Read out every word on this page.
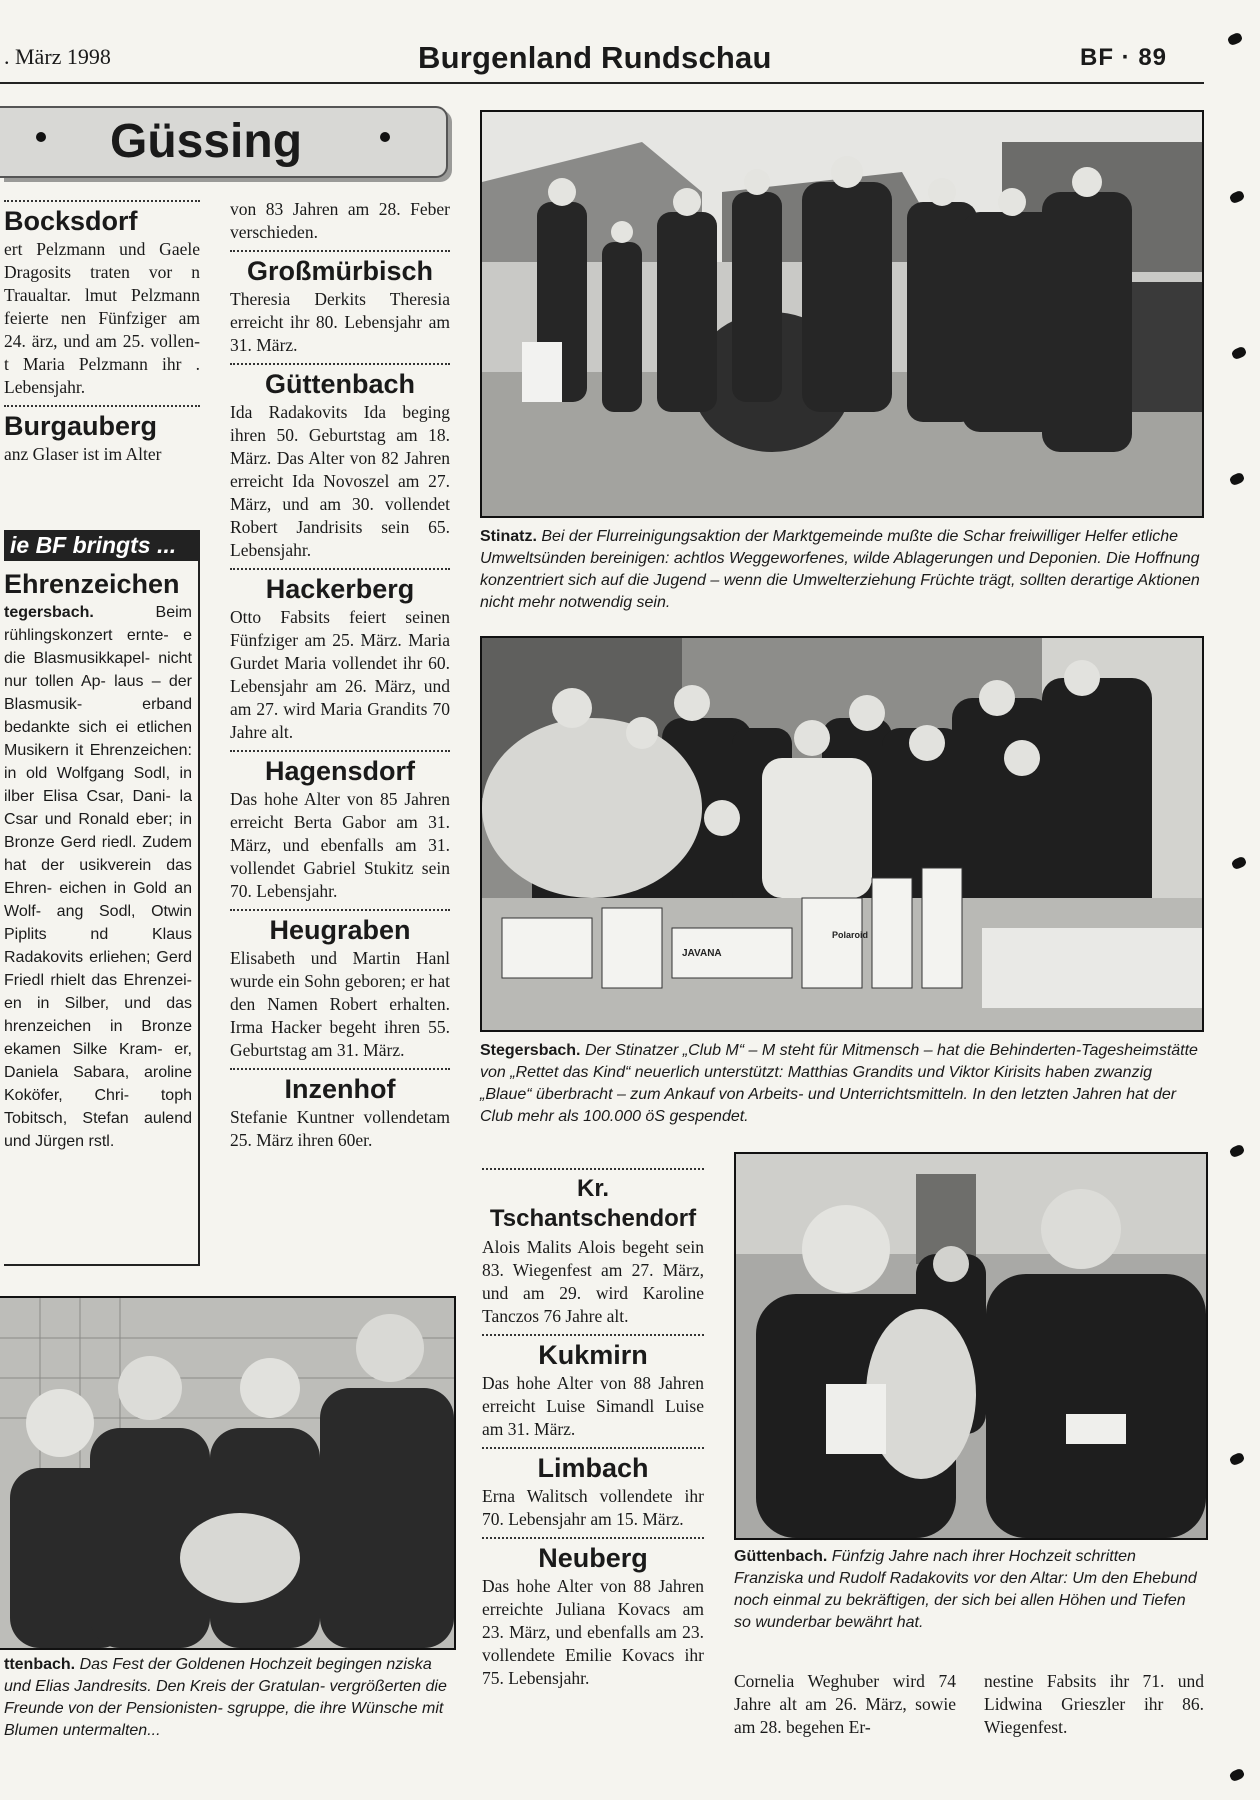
. März 1998	Burgenland Rundschau	BF · 89
Güssing
Bocksdorf

ert Pelzmann und Gaele Dragosits traten vor n Traualtar. lmut Pelzmann feierte nen Fünfziger am 24. ärz, und am 25. vollen- t Maria Pelzmann ihr . Lebensjahr.

Burgauberg

anz Glaser ist im Alter

ie BF bringts ...
Ehrenzeichen

tegersbach.	Beim rühlingskonzert ernte- e die Blasmusikkapel- nicht nur tollen Ap- laus – der Blasmusik- erband bedankte sich ei etlichen Musikern it Ehrenzeichen: in old Wolfgang Sodl, in ilber Elisa Csar, Dani- la Csar und Ronald eber; in Bronze Gerd riedl. Zudem hat der usikverein das Ehren- eichen in Gold an Wolf- ang Sodl, Otwin Piplits nd Klaus Radakovits erliehen; Gerd Friedl rhielt das Ehrenzei- en in Silber, und das hrenzeichen in Bronze ekamen Silke Kram- er, Daniela Sabara, aroline Koköfer, Chri- toph Tobitsch, Stefan aulend und Jürgen rstl.

von 83 Jahren am 28. Feber verschieden.

Großmürbisch

Theresia Derkits Theresia erreicht ihr 80. Lebensjahr am 31. März.

Güttenbach

Ida Radakovits Ida beging ihren 50. Geburtstag am 18. März. Das Alter von 82 Jahren erreicht Ida Novoszel am 27. März, und am 30. vollendet Robert Jandrisits sein 65. Lebensjahr.

Hackerberg

Otto Fabsits feiert seinen Fünfziger am 25. März. Maria Gurdet Maria vollendet ihr 60. Lebensjahr am 26. März, und am 27. wird Maria Grandits 70 Jahre alt.

Hagensdorf

Das hohe Alter von 85 Jahren erreicht Berta Gabor am 31. März, und ebenfalls am 31. vollendet Gabriel Stukitz sein 70. Lebensjahr.

Heugraben

Elisabeth und Martin Hanl wurde ein Sohn geboren; er hat den Namen Robert erhalten. Irma Hacker begeht ihren 55. Geburtstag am 31. März.

Inzenhof

Stefanie Kuntner vollendetam 25. März ihren 60er.

Stinatz. Bei der Flurreinigungsaktion der Marktgemeinde mußte die Schar freiwilliger Helfer etliche Umweltsünden bereinigen: achtlos Weggeworfenes, wilde Ablagerungen und Deponien. Die Hoffnung konzentriert sich auf die Jugend – wenn die Umwelterziehung Früchte trägt, sollten derartige Aktionen nicht mehr notwendig sein.
JAVANA
Polaroid
Stegersbach. Der Stinatzer „Club M“ – M steht für Mitmensch – hat die Behinderten-Tagesheimstätte von „Rettet das Kind“ neuerlich unterstützt: Matthias Grandits und Viktor Kirisits haben zwanzig „Blaue“ überbracht – zum Ankauf von Arbeits- und Unterrichtsmitteln. In den letzten Jahren hat der Club mehr als 100.000 öS gespendet.
Kr. Tschantschendorf

Alois Malits Alois begeht sein 83. Wiegenfest am 27. März, und am 29. wird Karoline Tanczos 76 Jahre alt.

Kukmirn

Das hohe Alter von 88 Jahren erreicht Luise Simandl Luise am 31. März.

Limbach

Erna Walitsch vollendete ihr 70. Lebensjahr am 15. März.

Neuberg

Das hohe Alter von 88 Jahren erreichte Juliana Kovacs am 23. März, und ebenfalls am 23. vollendete Emilie Kovacs ihr 75. Lebensjahr.

Güttenbach. Fünfzig Jahre nach ihrer Hochzeit schritten Franziska und Rudolf Radakovits vor den Altar: Um den Ehebund noch einmal zu bekräftigen, der sich bei allen Höhen und Tiefen so wunderbar bewährt hat.
ttenbach. Das Fest der Goldenen Hochzeit begingen nziska und Elias Jandresits. Den Kreis der Gratulan- vergrößerten die Freunde von der Pensionisten- sgruppe, die ihre Wünsche mit Blumen untermalten...

Cornelia Weghuber wird 74 Jahre alt am 26. März, sowie am 28. begehen Er-

nestine Fabsits ihr 71. und Lidwina Grieszler ihr 86. Wiegenfest.
